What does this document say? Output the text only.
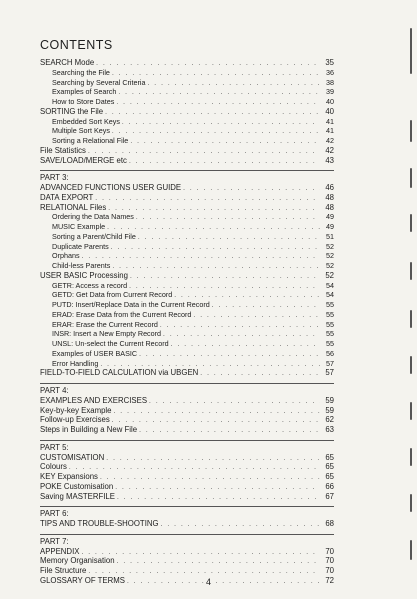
CONTENTS
SEARCH Mode . . .	35
Searching the File . . .	36
Searching by Several Criteria . . .	38
Examples of Search . . .	39
How to Store Dates . . .	40
SORTING the File . . .	40
Embedded Sort Keys . . .	41
Multiple Sort Keys . . .	41
Sorting a Relational File . . .	42
File Statistics . . .	42
SAVE/LOAD/MERGE etc . . .	43
PART 3:
ADVANCED FUNCTIONS USER GUIDE . . .	46
DATA EXPORT . . .	48
RELATIONAL Files . . .	48
Ordering the Data Names . . .	49
MUSIC Example . . .	49
Sorting a Parent/Child File . . .	51
Duplicate Parents . . .	52
Orphans . . .	52
Child-less Parents . . .	52
USER BASIC Processing . . .	52
GETR: Access a record . . .	54
GETD: Get Data from Current Record . . .	54
PUTD: Insert/Replace Data in the Current Record . . .	55
ERAD: Erase Data from the Current Record . . .	55
ERAR: Erase the Current Record . . .	55
INSR: Insert a New Empty Record . . .	55
UNSL: Un-select the Current Record . . .	55
Examples of USER BASIC . . .	56
Error Handling . . .	57
FIELD-TO-FIELD CALCULATION via UBGEN . . .	57
PART 4:
EXAMPLES AND EXERCISES . . .	59
Key-by-key Example . . .	59
Follow-up Exercises . . .	62
Steps in Building a New File . . .	63
PART 5:
CUSTOMISATION . . .	65
Colours . . .	65
KEY Expansions . . .	65
POKE Customisation . . .	66
Saving MASTERFILE . . .	67
PART 6:
TIPS AND TROUBLE-SHOOTING . . .	68
PART 7:
APPENDIX . . .	70
Memory Organisation . . .	70
File Structure . . .	70
GLOSSARY OF TERMS . . .	72
4
